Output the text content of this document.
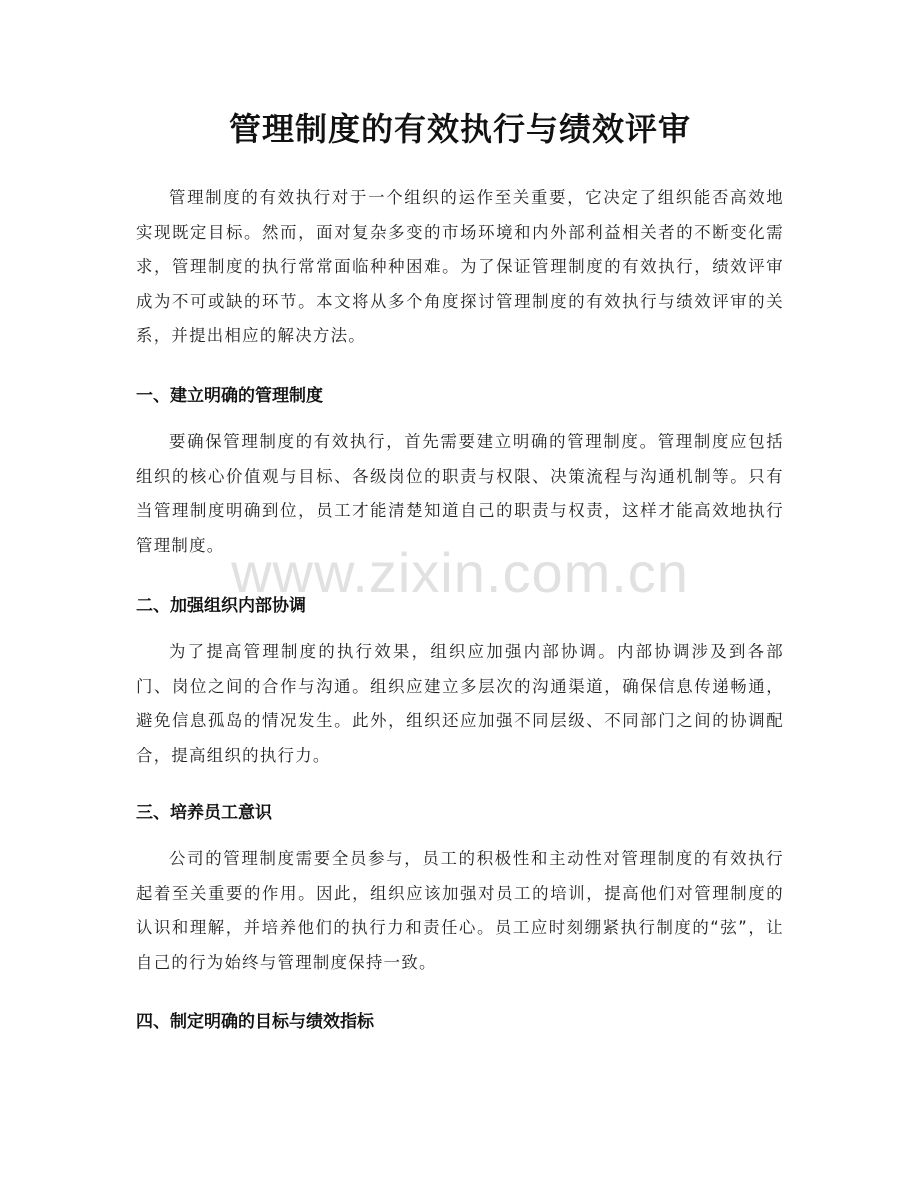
管理制度的有效执行与绩效评审

管理制度的有效执行对于一个组织的运作至关重要，它决定了组织能否高效地实现既定目标。然而，面对复杂多变的市场环境和内外部利益相关者的不断变化需求，管理制度的执行常常面临种种困难。为了保证管理制度的有效执行，绩效评审成为不可或缺的环节。本文将从多个角度探讨管理制度的有效执行与绩效评审的关系，并提出相应的解决方法。

一、建立明确的管理制度

要确保管理制度的有效执行，首先需要建立明确的管理制度。管理制度应包括组织的核心价值观与目标、各级岗位的职责与权限、决策流程与沟通机制等。只有当管理制度明确到位，员工才能清楚知道自己的职责与权责，这样才能高效地执行管理制度。

二、加强组织内部协调

为了提高管理制度的执行效果，组织应加强内部协调。内部协调涉及到各部门、岗位之间的合作与沟通。组织应建立多层次的沟通渠道，确保信息传递畅通，避免信息孤岛的情况发生。此外，组织还应加强不同层级、不同部门之间的协调配合，提高组织的执行力。

三、培养员工意识

公司的管理制度需要全员参与，员工的积极性和主动性对管理制度的有效执行起着至关重要的作用。因此，组织应该加强对员工的培训，提高他们对管理制度的认识和理解，并培养他们的执行力和责任心。员工应时刻绷紧执行制度的“弦”，让自己的行为始终与管理制度保持一致。

四、制定明确的目标与绩效指标
www.zixin.com.cn
